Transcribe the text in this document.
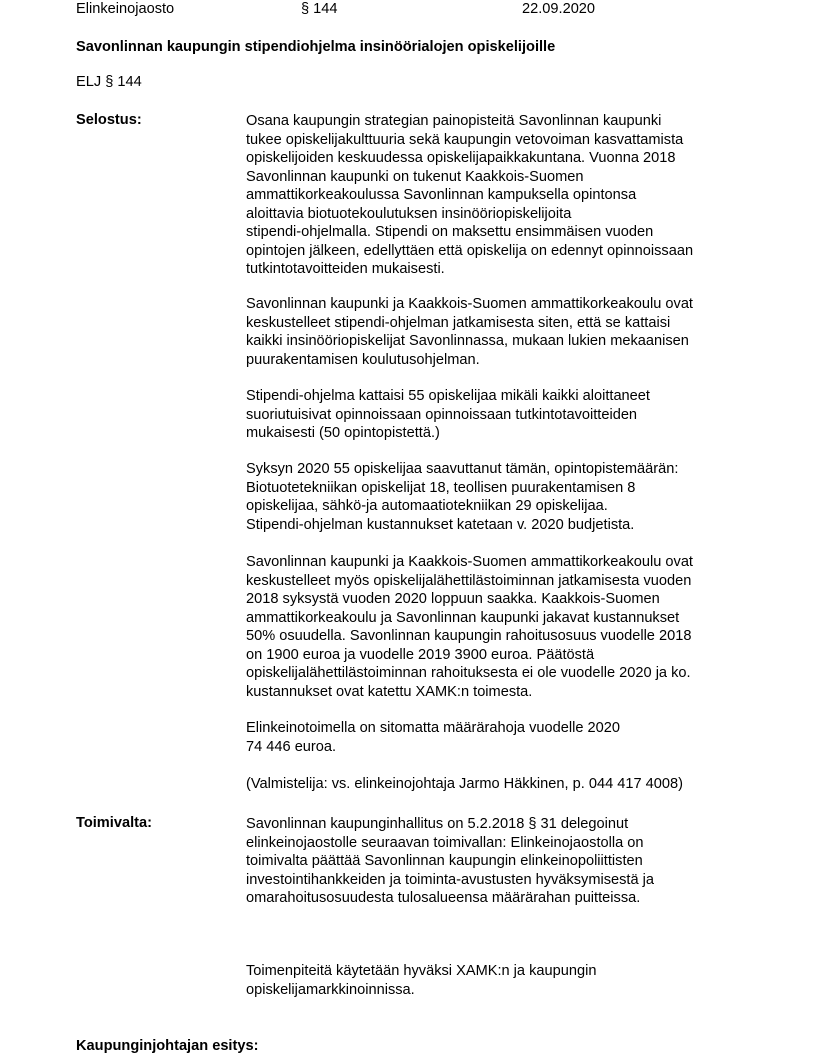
Elinkeinojaosto	§ 144	22.09.2020
Savonlinnan kaupungin stipendiohjelma insinöörialojen opiskelijoille
ELJ § 144
Selostus:	Osana kaupungin strategian painopisteitä Savonlinnan kaupunki
tukee opiskelijakulttuuria sekä kaupungin vetovoiman kasvattamista
opiskelijoiden keskuudessa opiskelijapaikkakuntana. Vuonna 2018
Savonlinnan kaupunki on tukenut Kaakkois-Suomen
ammattikorkeakoulussa Savonlinnan kampuksella opintonsa
aloittavia biotuotekoulutuksen insinööriopiskelijoita
stipendi-ohjelmalla. Stipendi on maksettu ensimmäisen vuoden
opintojen jälkeen, edellyttäen että opiskelija on edennyt opinnoissaan
tutkintotavoitteiden mukaisesti.
Savonlinnan kaupunki ja Kaakkois-Suomen ammattikorkeakoulu ovat
keskustelleet stipendi-ohjelman jatkamisesta siten, että se kattaisi
kaikki insinööriopiskelijat Savonlinnassa, mukaan lukien mekaanisen
puurakentamisen koulutusohjelman.
Stipendi-ohjelma kattaisi 55 opiskelijaa mikäli kaikki aloittaneet
suoriutuisivat opinnoissaan opinnoissaan tutkintotavoitteiden
mukaisesti (50 opintopistettä.)
Syksyn 2020 55 opiskelijaa saavuttanut tämän, opintopistemäärän:
Biotuotetekniikan opiskelijat 18, teollisen puurakentamisen 8
opiskelijaa, sähkö-ja automaatiotekniikan 29 opiskelijaa.
Stipendi-ohjelman kustannukset katetaan v. 2020 budjetista.
Savonlinnan kaupunki ja Kaakkois-Suomen ammattikorkeakoulu ovat
keskustelleet myös opiskelijalähettilästoiminnan jatkamisesta vuoden
2018 syksystä vuoden 2020 loppuun saakka. Kaakkois-Suomen
ammattikorkeakoulu ja Savonlinnan kaupunki jakavat kustannukset
50% osuudella. Savonlinnan kaupungin rahoitusosuus vuodelle 2018
on 1900 euroa ja vuodelle 2019 3900 euroa. Päätöstä
opiskelijalähettilästoiminnan rahoituksesta ei ole vuodelle 2020 ja ko.
kustannukset ovat katettu XAMK:n toimesta.
Elinkeinotoimella on sitomatta määrärahoja vuodelle 2020
74 446 euroa.
(Valmistelija: vs. elinkeinojohtaja Jarmo Häkkinen, p. 044 417 4008)
Toimivalta:	Savonlinnan kaupunginhallitus on 5.2.2018 § 31 delegoinut
elinkeinojaostolle seuraavan toimivallan: Elinkeinojaostolla on
toimivalta päättää Savonlinnan kaupungin elinkeinopoliittisten
investointihankkeiden ja toiminta-avustusten hyväksymisestä ja
omarahoitusosuudesta tulosalueensa määrärahan puitteissa.
Toimenpiteitä käytetään hyväksi XAMK:n ja kaupungin
opiskelijamarkkinoinnissa.
Kaupunginjohtajan esitys:
